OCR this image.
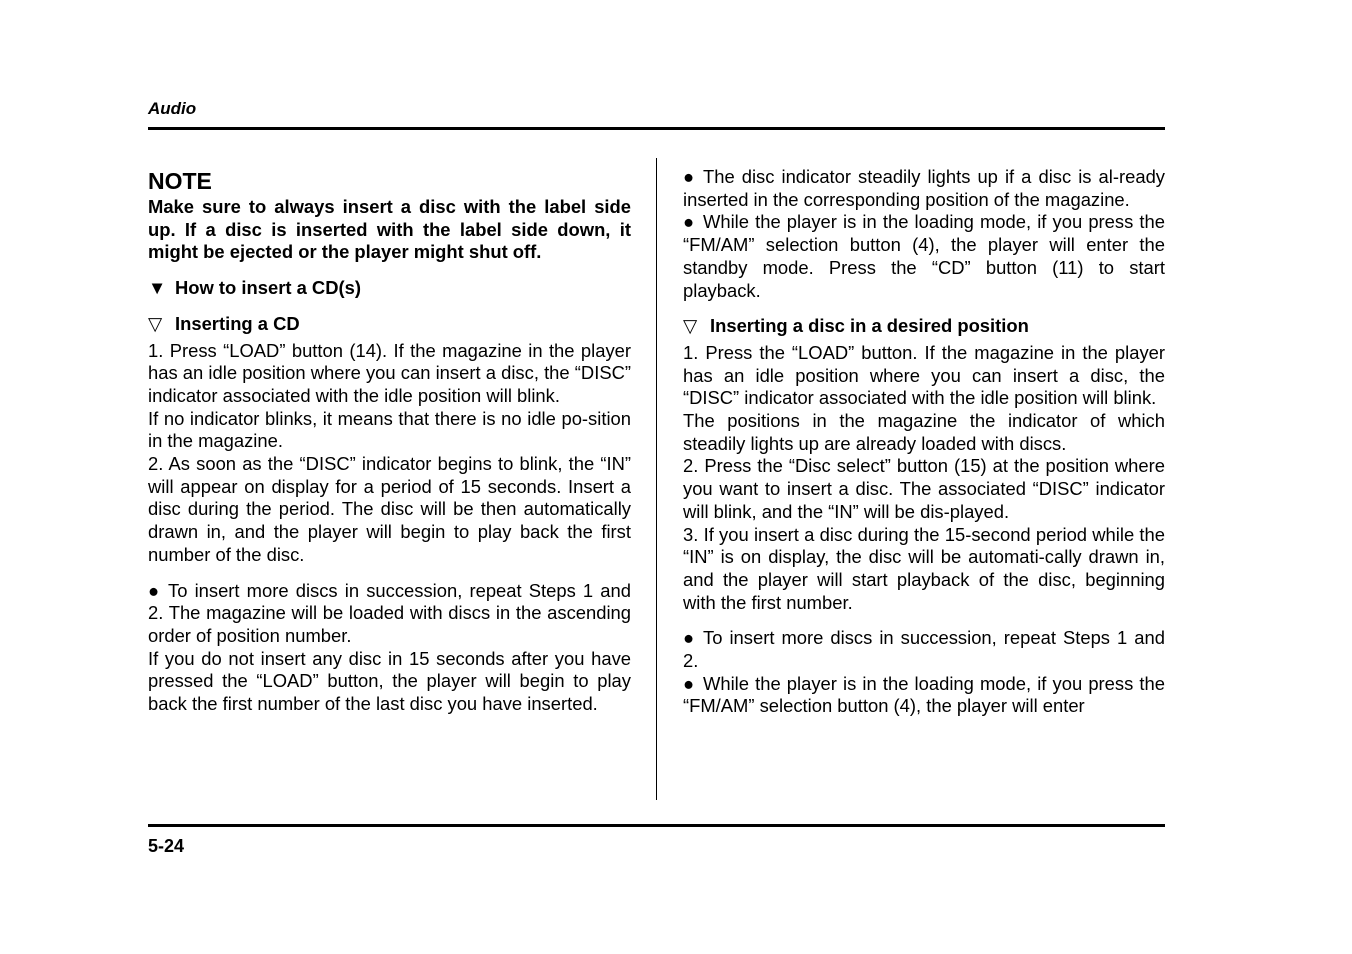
Audio
NOTE

Make sure to always insert a disc with the label side up. If a disc is inserted with the label side down, it might be ejected or the player might shut off.

▼ How to insert a CD(s)

▽ Inserting a CD

1. Press “LOAD” button (14). If the magazine in the player has an idle position where you can insert a disc, the “DISC” indicator associated with the idle position will blink.

If no indicator blinks, it means that there is no idle po-sition in the magazine.

2. As soon as the “DISC” indicator begins to blink, the “IN” will appear on display for a period of 15 seconds. Insert a disc during the period. The disc will be then automatically drawn in, and the player will begin to play back the first number of the disc.

● To insert more discs in succession, repeat Steps 1 and 2. The magazine will be loaded with discs in the ascending order of position number.

If you do not insert any disc in 15 seconds after you have pressed the “LOAD” button, the player will begin to play back the first number of the last disc you have inserted.

● The disc indicator steadily lights up if a disc is al-ready inserted in the corresponding position of the magazine.

● While the player is in the loading mode, if you press the “FM/AM” selection button (4), the player will enter the standby mode. Press the “CD” button (11) to start playback.

▽ Inserting a disc in a desired position

1. Press the “LOAD” button. If the magazine in the player has an idle position where you can insert a disc, the “DISC” indicator associated with the idle position will blink.

The positions in the magazine the indicator of which steadily lights up are already loaded with discs.

2. Press the “Disc select” button (15) at the position where you want to insert a disc. The associated “DISC” indicator will blink, and the “IN” will be dis-played.

3. If you insert a disc during the 15-second period while the “IN” is on display, the disc will be automati-cally drawn in, and the player will start playback of the disc, beginning with the first number.

● To insert more discs in succession, repeat Steps 1 and 2.

● While the player is in the loading mode, if you press the “FM/AM” selection button (4), the player will enter

5-24
